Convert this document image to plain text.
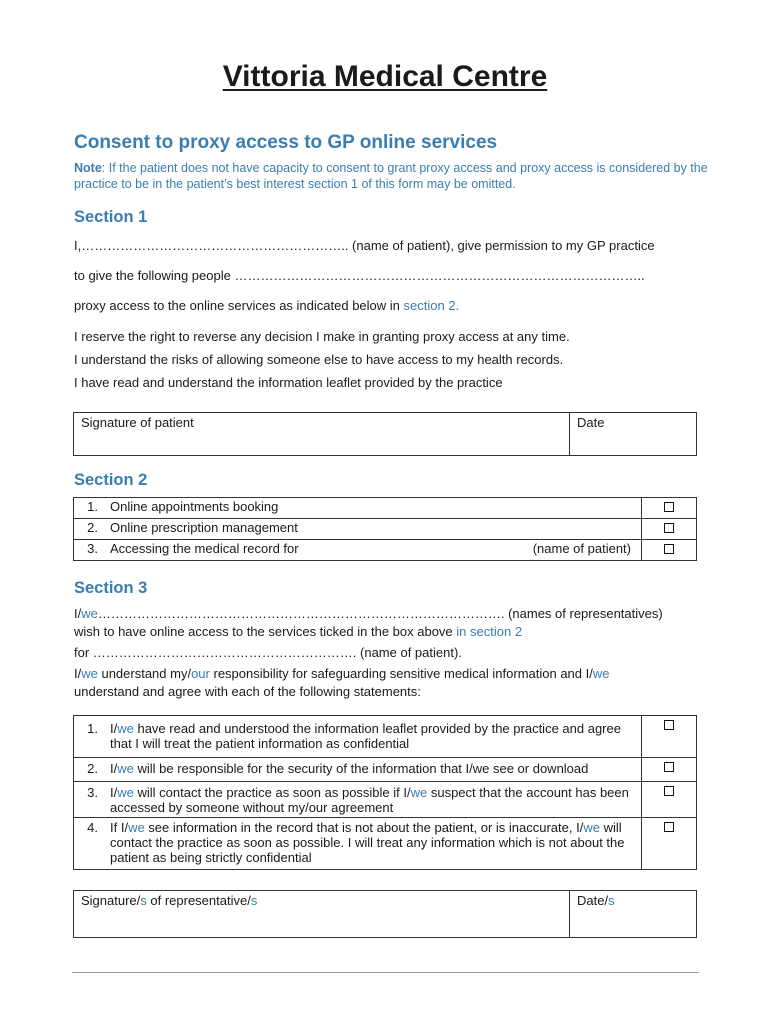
Vittoria Medical Centre
Consent to proxy access to GP online services
Note: If the patient does not have capacity to consent to grant proxy access and proxy access is considered by the practice to be in the patient’s best interest section 1 of this form may be omitted.
Section 1
I,…………………………………………………….. (name of patient), give permission to my GP practice
to give the following people …………………………………………………………………………………..
proxy access to the online services as indicated below in section 2.
I reserve the right to reverse any decision I make in granting proxy access at any time.
I understand the risks of allowing someone else to have access to my health records.
I have read and understand the information leaflet provided by the practice
Signature of patient	Date
Section 2
1. Online appointments booking	

2. Online prescription management	

3. Accessing the medical record for (name of patient)	

Section 3
I/we…………………………………………………………………………………. (names of representatives)
wish to have online access to the services ticked in the box above in section 2
for ……………………………………………………. (name of patient).
I/we understand my/our responsibility for safeguarding sensitive medical information and I/we
understand and agree with each of the following statements:
1. I/we have read and understood the information leaflet provided by the practice and agree that I will treat the patient information as confidential	

2. I/we will be responsible for the security of the information that I/we see or download	

3. I/we will contact the practice as soon as possible if I/we suspect that the account has been accessed by someone without my/our agreement	

4. If I/we see information in the record that is not about the patient, or is inaccurate, I/we will contact the practice as soon as possible. I will treat any information which is not about the patient as being strictly confidential	

Signature/s of representative/s	Date/s
